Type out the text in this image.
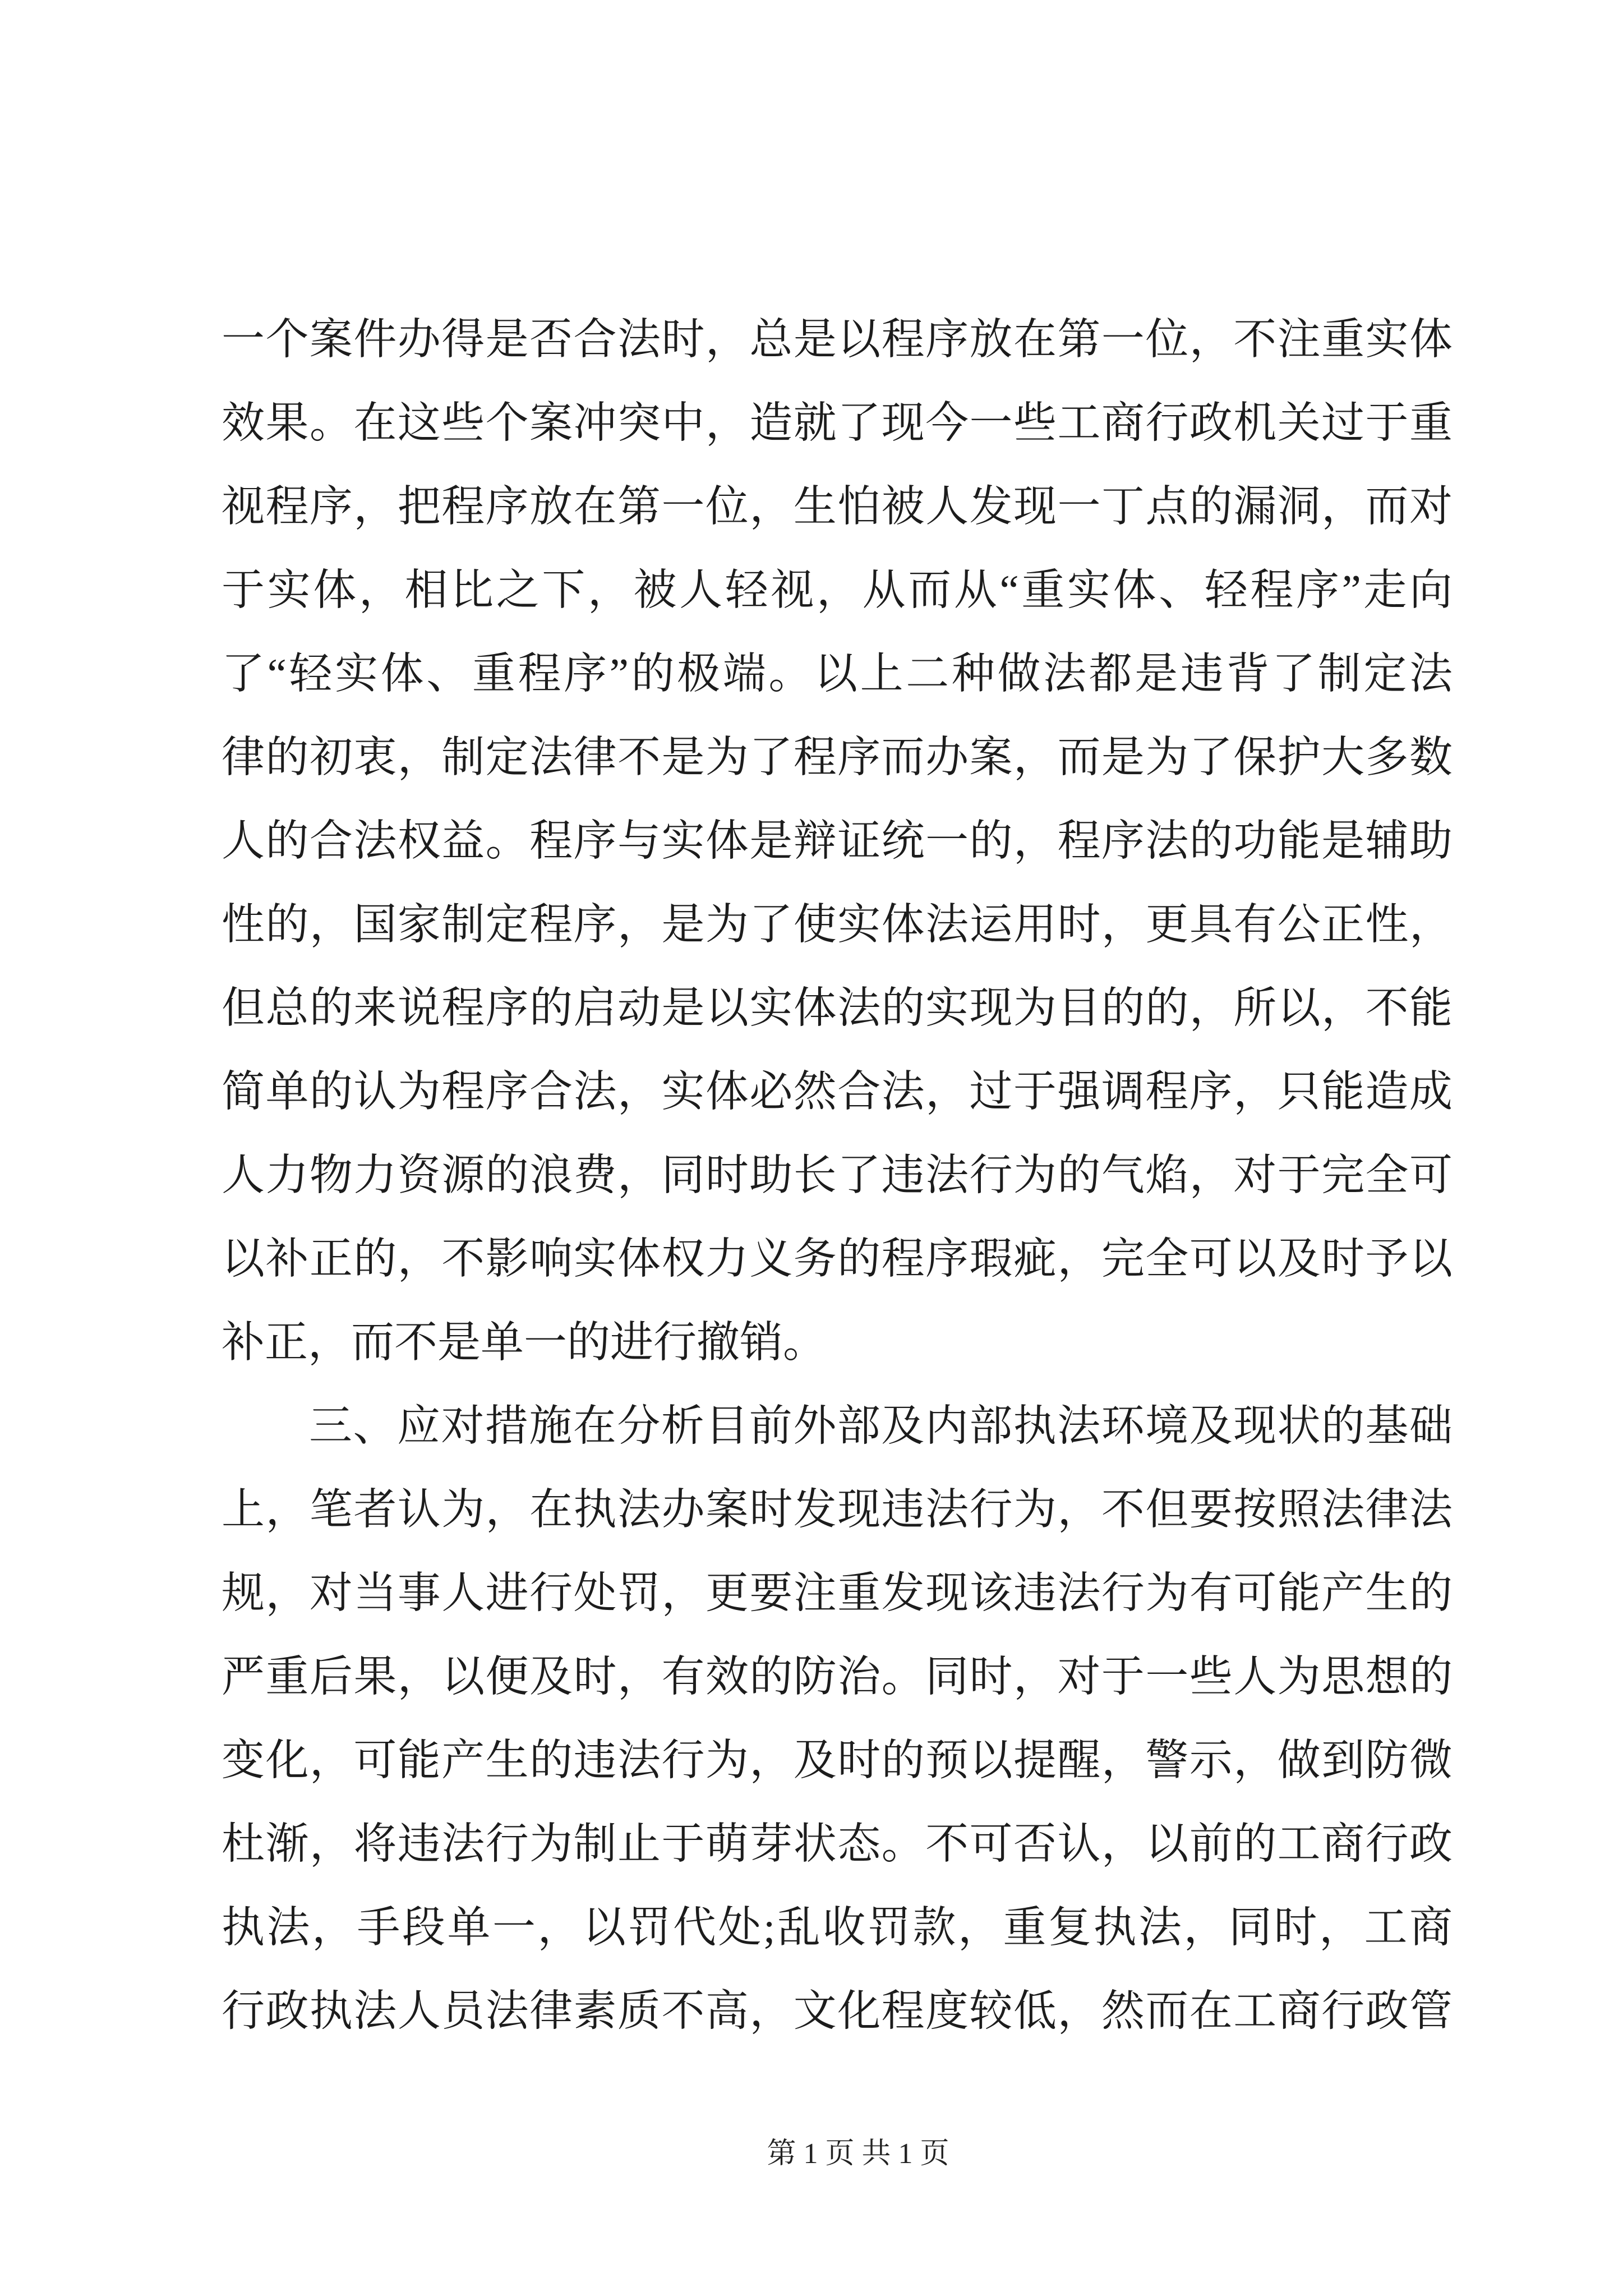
一个案件办得是否合法时，总是以程序放在第一位，不注重实体
效果。在这些个案冲突中，造就了现今一些工商行政机关过于重
视程序，把程序放在第一位，生怕被人发现一丁点的漏洞，而对
于实体，相比之下，被人轻视，从而从“重实体、轻程序”走向
了“轻实体、重程序”的极端。以上二种做法都是违背了制定法
律的初衷，制定法律不是为了程序而办案，而是为了保护大多数
人的合法权益。程序与实体是辩证统一的，程序法的功能是辅助
性的，国家制定程序，是为了使实体法运用时，更具有公正性，
但总的来说程序的启动是以实体法的实现为目的的，所以，不能
简单的认为程序合法，实体必然合法，过于强调程序，只能造成
人力物力资源的浪费，同时助长了违法行为的气焰，对于完全可
以补正的，不影响实体权力义务的程序瑕疵，完全可以及时予以
补正，而不是单一的进行撤销。
三、应对措施在分析目前外部及内部执法环境及现状的基础
上，笔者认为，在执法办案时发现违法行为，不但要按照法律法
规，对当事人进行处罚，更要注重发现该违法行为有可能产生的
严重后果，以便及时，有效的防治。同时，对于一些人为思想的
变化，可能产生的违法行为，及时的预以提醒，警示，做到防微
杜渐，将违法行为制止于萌芽状态。不可否认，以前的工商行政
执法，手段单一，以罚代处;乱收罚款，重复执法，同时，工商
行政执法人员法律素质不高，文化程度较低，然而在工商行政管
第 1 页 共 1 页
